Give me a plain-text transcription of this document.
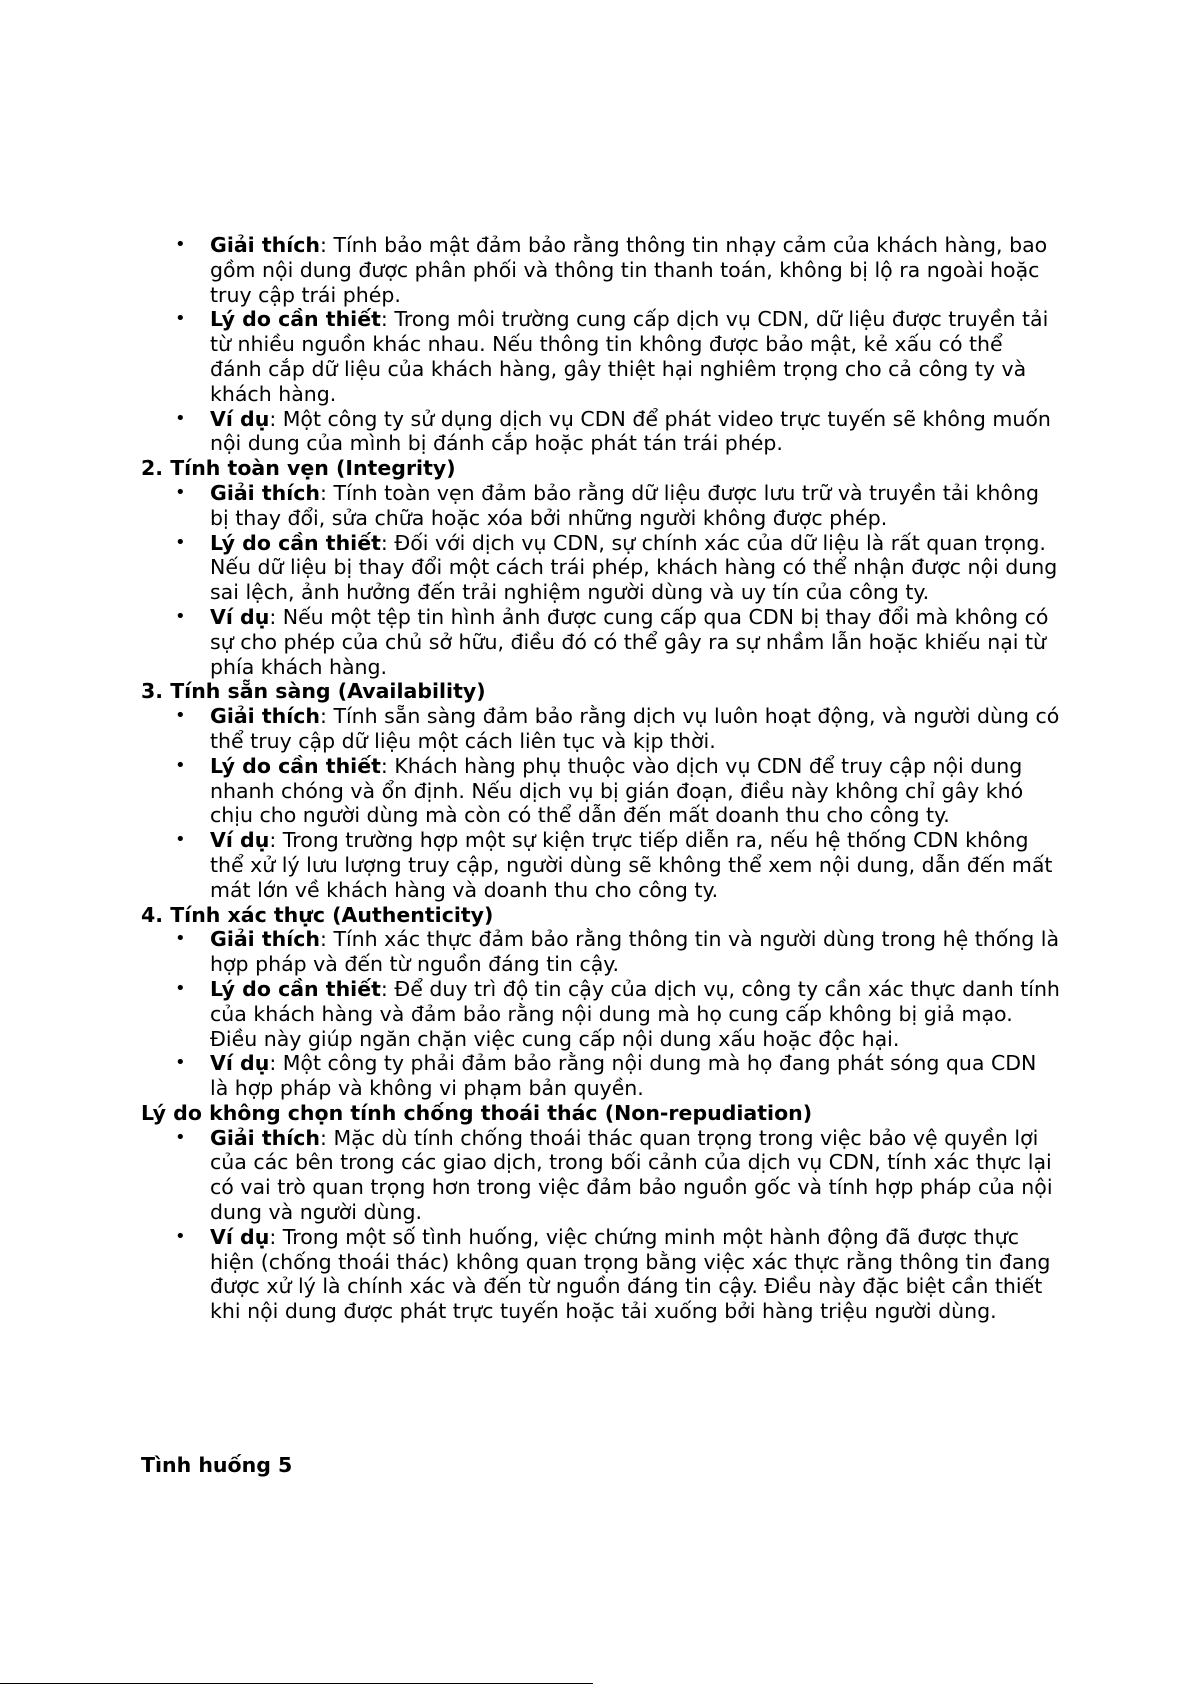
• Giải thích: Tính bảo mật đảm bảo rằng thông tin nhạy cảm của khách hàng, bao gồm nội dung được phân phối và thông tin thanh toán, không bị lộ ra ngoài hoặc truy cập trái phép.
• Lý do cần thiết: Trong môi trường cung cấp dịch vụ CDN, dữ liệu được truyền tải từ nhiều nguồn khác nhau. Nếu thông tin không được bảo mật, kẻ xấu có thể đánh cắp dữ liệu của khách hàng, gây thiệt hại nghiêm trọng cho cả công ty và khách hàng.
• Ví dụ: Một công ty sử dụng dịch vụ CDN để phát video trực tuyến sẽ không muốn nội dung của mình bị đánh cắp hoặc phát tán trái phép.
2. Tính toàn vẹn (Integrity)
• Giải thích: Tính toàn vẹn đảm bảo rằng dữ liệu được lưu trữ và truyền tải không bị thay đổi, sửa chữa hoặc xóa bởi những người không được phép.
• Lý do cần thiết: Đối với dịch vụ CDN, sự chính xác của dữ liệu là rất quan trọng. Nếu dữ liệu bị thay đổi một cách trái phép, khách hàng có thể nhận được nội dung sai lệch, ảnh hưởng đến trải nghiệm người dùng và uy tín của công ty.
• Ví dụ: Nếu một tệp tin hình ảnh được cung cấp qua CDN bị thay đổi mà không có sự cho phép của chủ sở hữu, điều đó có thể gây ra sự nhầm lẫn hoặc khiếu nại từ phía khách hàng.
3. Tính sẵn sàng (Availability)
• Giải thích: Tính sẵn sàng đảm bảo rằng dịch vụ luôn hoạt động, và người dùng có thể truy cập dữ liệu một cách liên tục và kịp thời.
• Lý do cần thiết: Khách hàng phụ thuộc vào dịch vụ CDN để truy cập nội dung nhanh chóng và ổn định. Nếu dịch vụ bị gián đoạn, điều này không chỉ gây khó chịu cho người dùng mà còn có thể dẫn đến mất doanh thu cho công ty.
• Ví dụ: Trong trường hợp một sự kiện trực tiếp diễn ra, nếu hệ thống CDN không thể xử lý lưu lượng truy cập, người dùng sẽ không thể xem nội dung, dẫn đến mất mát lớn về khách hàng và doanh thu cho công ty.
4. Tính xác thực (Authenticity)
• Giải thích: Tính xác thực đảm bảo rằng thông tin và người dùng trong hệ thống là hợp pháp và đến từ nguồn đáng tin cậy.
• Lý do cần thiết: Để duy trì độ tin cậy của dịch vụ, công ty cần xác thực danh tính của khách hàng và đảm bảo rằng nội dung mà họ cung cấp không bị giả mạo. Điều này giúp ngăn chặn việc cung cấp nội dung xấu hoặc độc hại.
• Ví dụ: Một công ty phải đảm bảo rằng nội dung mà họ đang phát sóng qua CDN là hợp pháp và không vi phạm bản quyền.
Lý do không chọn tính chống thoái thác (Non-repudiation)
• Giải thích: Mặc dù tính chống thoái thác quan trọng trong việc bảo vệ quyền lợi của các bên trong các giao dịch, trong bối cảnh của dịch vụ CDN, tính xác thực lại có vai trò quan trọng hơn trong việc đảm bảo nguồn gốc và tính hợp pháp của nội dung và người dùng.
• Ví dụ: Trong một số tình huống, việc chứng minh một hành động đã được thực hiện (chống thoái thác) không quan trọng bằng việc xác thực rằng thông tin đang được xử lý là chính xác và đến từ nguồn đáng tin cậy. Điều này đặc biệt cần thiết khi nội dung được phát trực tuyến hoặc tải xuống bởi hàng triệu người dùng.
Tình huống 5
